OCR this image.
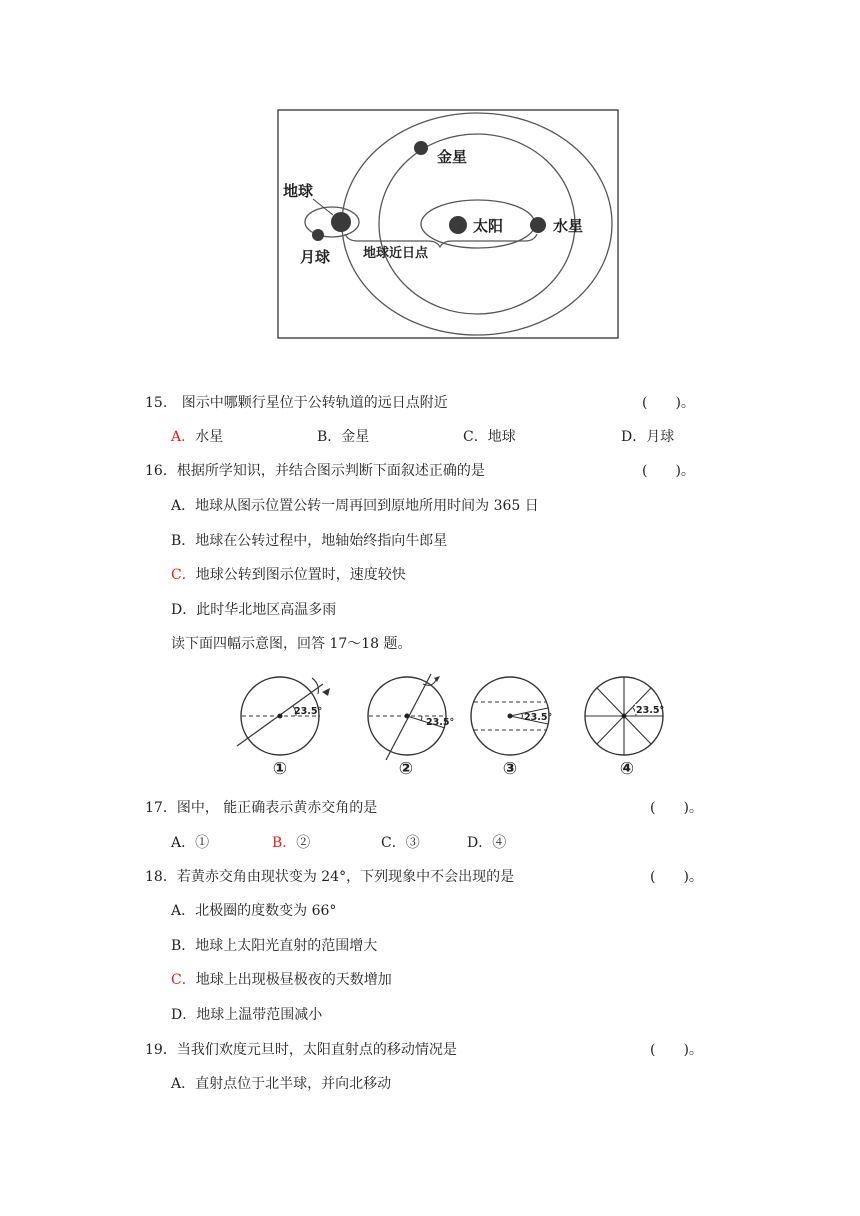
金星
地球
太阳	水星
月球	地球近日点
15. 图示中哪颗行星位于公转轨道的远日点附近	(　　)。
A．水星	B．金星	C．地球	D．月球
16．根据所学知识，并结合图示判断下面叙述正确的是	(　　)。
A．地球从图示位置公转一周再回到原地所用时间为 365 日
B．地球在公转过程中，地轴始终指向牛郎星
C．地球公转到图示位置时，速度较快
D．此时华北地区高温多雨
读下面四幅示意图，回答 17～18 题。
23.5°
①
23.5°
②
23.5°
③
23.5°
④
17．图中， 能正确表示黄赤交角的是	(　　)。
A．①	B．②	C．③	D．④
18．若黄赤交角由现状变为 24°，下列现象中不会出现的是	(　　)。
A．北极圈的度数变为 66°
B．地球上太阳光直射的范围增大
C．地球上出现极昼极夜的天数增加
D．地球上温带范围减小
19．当我们欢度元旦时，太阳直射点的移动情况是	(　　)。
A．直射点位于北半球，并向北移动
